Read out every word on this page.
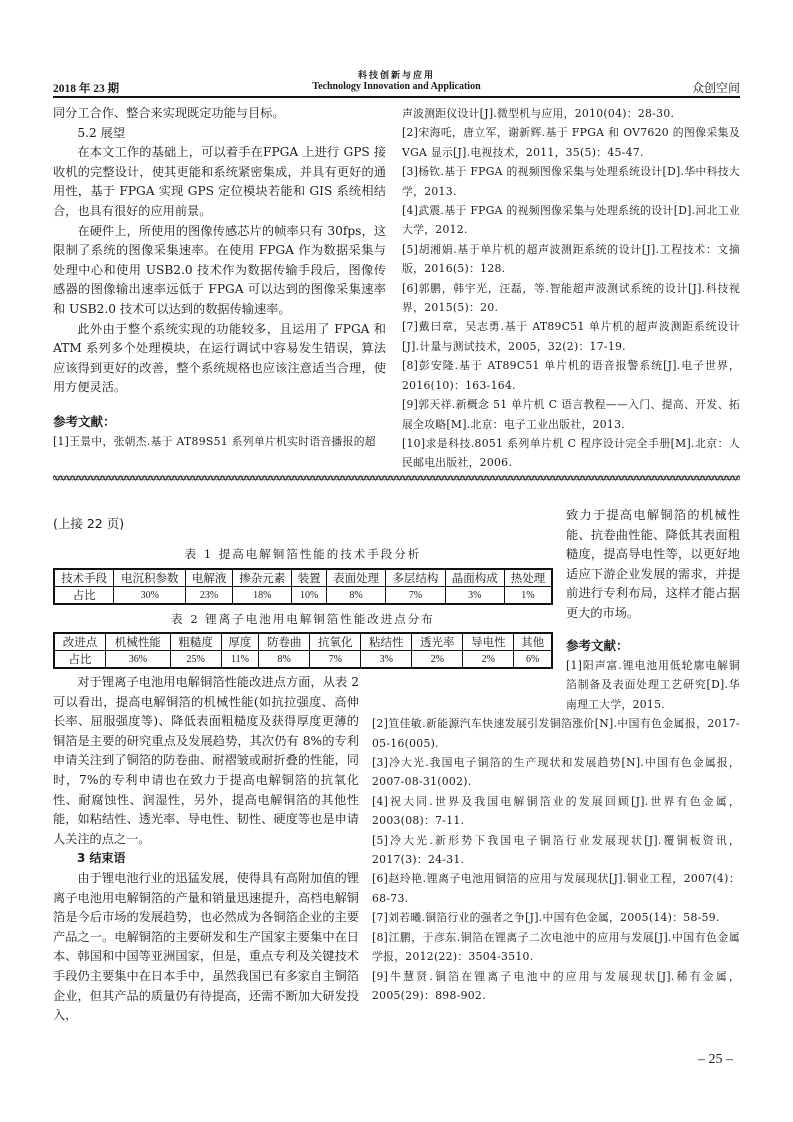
科技创新与应用
2018 年 23 期	Technology Innovation and Application	众创空间

同分工合作、整合来实现既定功能与目标。

5.2 展望

在本文工作的基础上，可以着手在FPGA 上进行 GPS 接收机的完整设计，使其更能和系统紧密集成，并具有更好的通用性，基于 FPGA 实现 GPS 定位模块若能和 GIS 系统相结合，也具有很好的应用前景。

在硬件上，所使用的图像传感芯片的帧率只有 30fps，这限制了系统的图像采集速率。在使用 FPGA 作为数据采集与处理中心和使用 USB2.0 技术作为数据传输手段后，图像传感器的图像输出速率远低于 FPGA 可以达到的图像采集速率和 USB2.0 技术可以达到的数据传输速率。

此外由于整个系统实现的功能较多，且运用了 FPGA 和 ATM 系列多个处理模块，在运行调试中容易发生错误，算法应该得到更好的改善，整个系统规格也应该注意适当合理，使用方便灵活。

参考文献：

[1]王景中，张朝杰.基于 AT89S51 系列单片机实时语音播报的超

声波测距仪设计[J].微型机与应用，2010(04)：28-30.

[2]宋海吒，唐立军，谢新辉.基于 FPGA 和 OV7620 的图像采集及 VGA 显示[J].电视技术，2011，35(5)：45-47.

[3]杨钦.基于 FPGA 的视频图像采集与处理系统设计[D].华中科技大学，2013.

[4]武震.基于 FPGA 的视频图像采集与处理系统的设计[D].河北工业大学，2012.

[5]胡湘娟.基于单片机的超声波测距系统的设计[J].工程技术：文摘版，2016(5)：128.

[6]郭鹏，韩宇光，汪磊，等.智能超声波测试系统的设计[J].科技视界，2015(5)：20.

[7]戴曰章，吴志勇.基于 AT89C51 单片机的超声波测距系统设计[J].计量与测试技术，2005，32(2)：17-19.

[8]彭安隆.基于 AT89C51 单片机的语音报警系统[J].电子世界，2016(10)：163-164.

[9]郭天祥.新概念 51 单片机 C 语言教程——入门、提高、开发、拓展全攻略[M].北京：电子工业出版社，2013.

[10]求是科技.8051 系列单片机 C 程序设计完全手册[M].北京：人民邮电出版社，2006.

(上接 22 页)

致力于提高电解铜箔的机械性能、抗卷曲性能、降低其表面粗糙度，提高导电性等，以更好地适应下游企业发展的需求，并提前进行专利布局，这样才能占据更大的市场。

表 1 提高电解铜箔性能的技术手段分析
技术手段	电沉积参数	电解液	掺杂元素	装置	表面处理	多层结构	晶面构成	热处理
占比	30%	23%	18%	10%	8%	7%	3%	1%
表 2 锂离子电池用电解铜箔性能改进点分布
改进点	机械性能	粗糙度	厚度	防卷曲	抗氧化	粘结性	透光率	导电性	其他
占比	36%	25%	11%	8%	7%	3%	2%	2%	6%

对于锂离子电池用电解铜箔性能改进点方面，从表 2 可以看出，提高电解铜箔的机械性能(如抗拉强度、高伸长率、屈服强度等)、降低表面粗糙度及获得厚度更薄的铜箔是主要的研究重点及发展趋势，其次仍有 8%的专利申请关注到了铜箔的防卷曲、耐褶皱或耐折叠的性能，同时，7%的专利申请也在致力于提高电解铜箔的抗氧化性、耐腐蚀性、润湿性，另外，提高电解铜箔的其他性能，如粘结性、透光率、导电性、韧性、硬度等也是申请人关注的点之一。

3 结束语

由于锂电池行业的迅猛发展，使得具有高附加值的锂离子电池用电解铜箔的产量和销量迅速提升，高档电解铜箔是今后市场的发展趋势，也必然成为各铜箔企业的主要产品之一。电解铜箔的主要研发和生产国家主要集中在日本、韩国和中国等亚洲国家，但是，重点专利及关键技术手段仍主要集中在日本手中，虽然我国已有多家自主铜箔企业，但其产品的质量仍有待提高，还需不断加大研发投入，

参考文献：

[1]阳声富.锂电池用低轮廓电解铜箔制备及表面处理工艺研究[D].华南理工大学，2015.

[2]笪佳敏.新能源汽车快速发展引发铜箔涨价[N].中国有色金属报，2017-05-16(005).

[3]冷大光.我国电子铜箔的生产现状和发展趋势[N].中国有色金属报，2007-08-31(002).

[4]祝大同.世界及我国电解铜箔业的发展回顾[J].世界有色金属，2003(08)：7-11.

[5]冷大光.新形势下我国电子铜箔行业发展现状[J].覆铜板资讯，2017(3)：24-31.

[6]赵玲艳.锂离子电池用铜箔的应用与发展现状[J].铜业工程，2007(4)：68-73.

[7]刘若曦.铜箔行业的强者之争[J].中国有色金属，2005(14)：58-59.

[8]江鹏，于彦东.铜箔在锂离子二次电池中的应用与发展[J].中国有色金属学报，2012(22)：3504-3510.

[9]牛慧贤.铜箔在锂离子电池中的应用与发展现状[J].稀有金属，2005(29)：898-902.

– 25 –
